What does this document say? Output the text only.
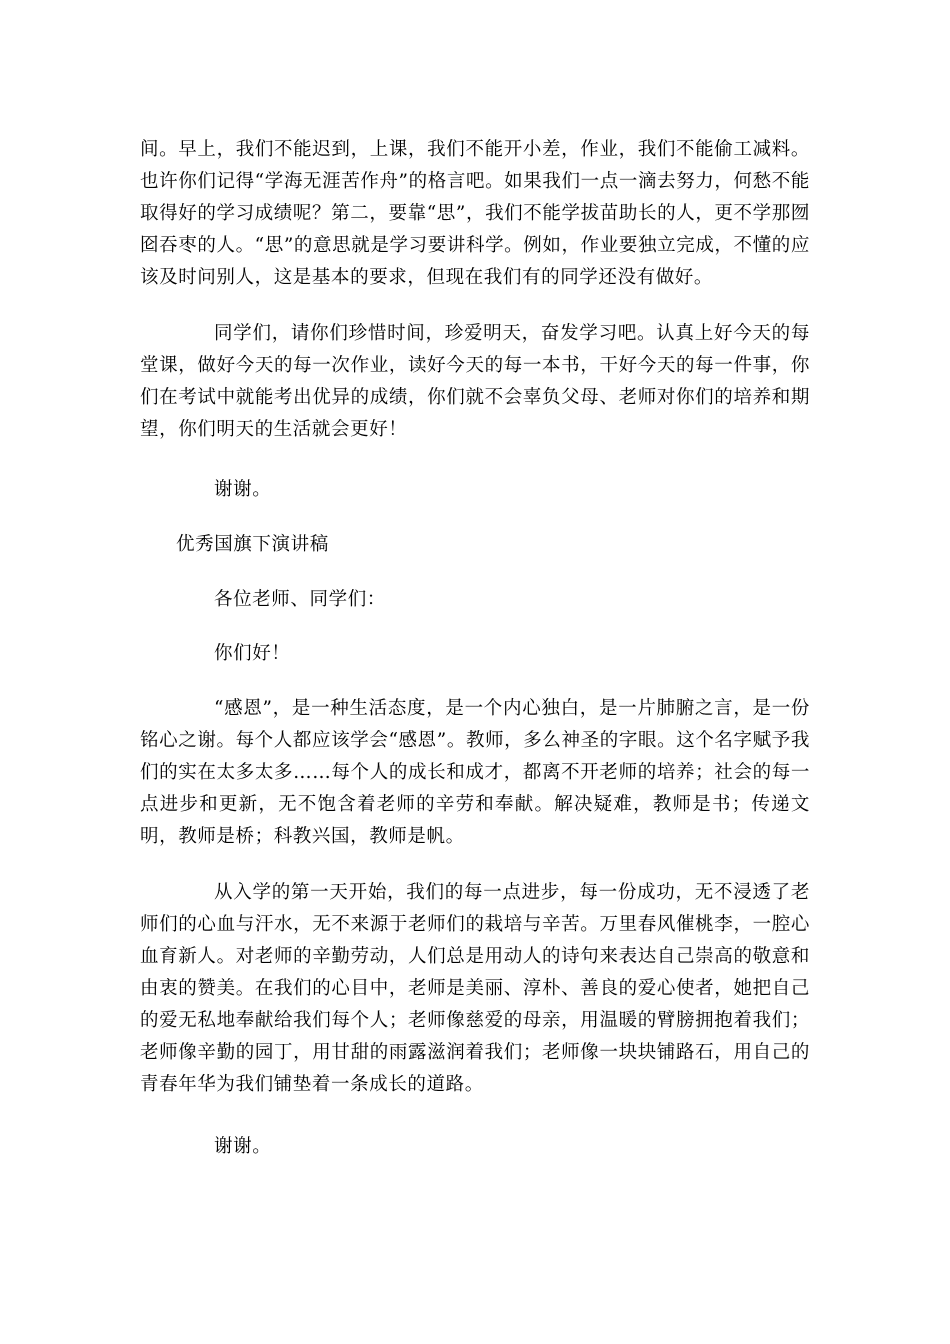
间。早上，我们不能迟到，上课，我们不能开小差，作业，我们不能偷工减料。也许你们记得“学海无涯苦作舟”的格言吧。如果我们一点一滴去努力，何愁不能取得好的学习成绩呢？第二，要靠“思”，我们不能学拔苗助长的人，更不学那囫囵吞枣的人。“思”的意思就是学习要讲科学。例如，作业要独立完成，不懂的应该及时问别人，这是基本的要求，但现在我们有的同学还没有做好。

同学们，请你们珍惜时间，珍爱明天，奋发学习吧。认真上好今天的每堂课，做好今天的每一次作业，读好今天的每一本书，干好今天的每一件事，你们在考试中就能考出优异的成绩，你们就不会辜负父母、老师对你们的培养和期望，你们明天的生活就会更好！

谢谢。

优秀国旗下演讲稿

各位老师、同学们：

你们好！

“感恩”，是一种生活态度，是一个内心独白，是一片肺腑之言，是一份铭心之谢。每个人都应该学会“感恩”。教师，多么神圣的字眼。这个名字赋予我们的实在太多太多……每个人的成长和成才，都离不开老师的培养；社会的每一点进步和更新，无不饱含着老师的辛劳和奉献。解决疑难，教师是书；传递文明，教师是桥；科教兴国，教师是帆。

从入学的第一天开始，我们的每一点进步，每一份成功，无不浸透了老师们的心血与汗水，无不来源于老师们的栽培与辛苦。万里春风催桃李，一腔心血育新人。对老师的辛勤劳动，人们总是用动人的诗句来表达自己崇高的敬意和由衷的赞美。在我们的心目中，老师是美丽、淳朴、善良的爱心使者，她把自己的爱无私地奉献给我们每个人；老师像慈爱的母亲，用温暖的臂膀拥抱着我们；老师像辛勤的园丁，用甘甜的雨露滋润着我们；老师像一块块铺路石，用自己的青春年华为我们铺垫着一条成长的道路。

谢谢。
